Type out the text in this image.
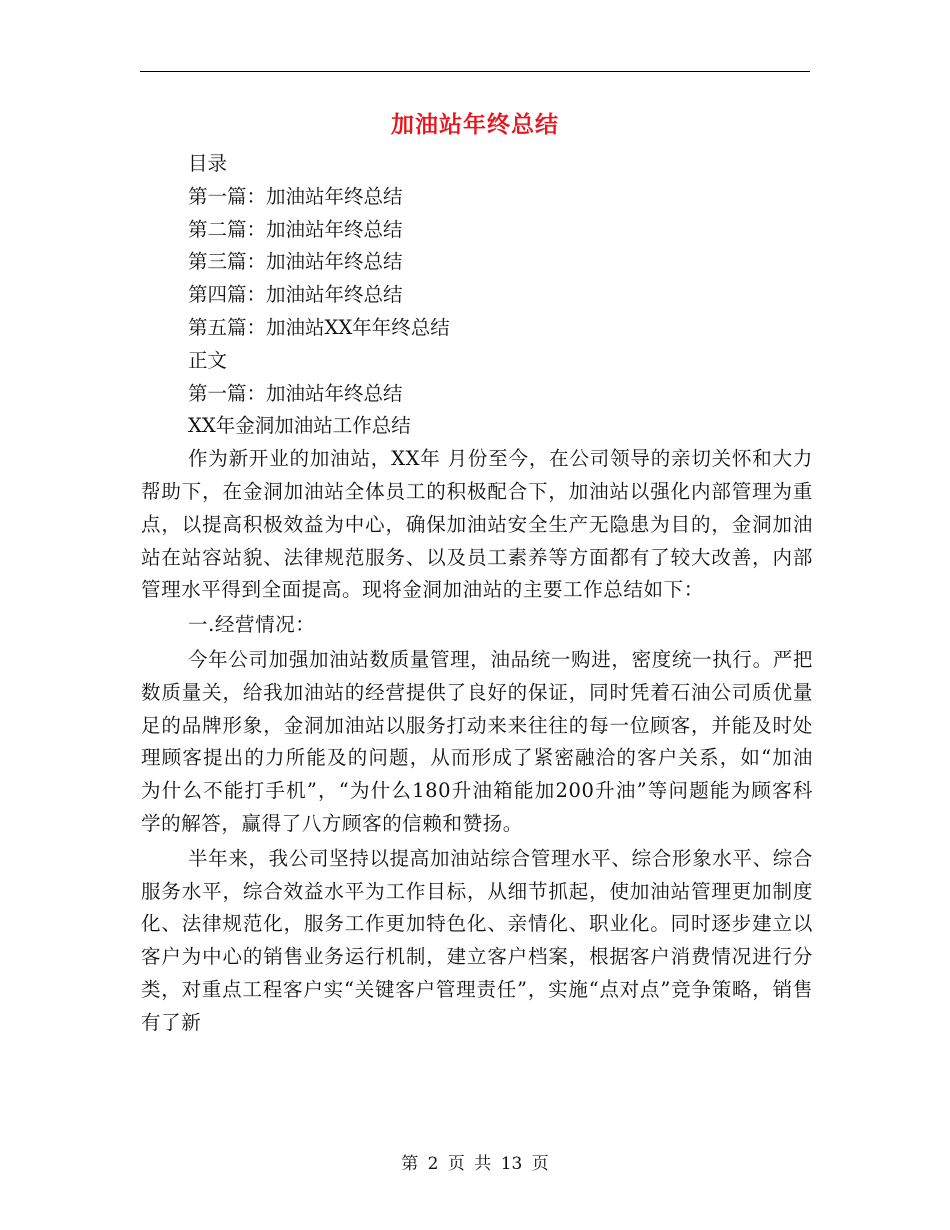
加油站年终总结
目录
第一篇：加油站年终总结
第二篇：加油站年终总结
第三篇：加油站年终总结
第四篇：加油站年终总结
第五篇：加油站XX年年终总结
正文
第一篇：加油站年终总结
XX年金洞加油站工作总结

作为新开业的加油站，XX年 月份至今，在公司领导的亲切关怀和大力帮助下，在金洞加油站全体员工的积极配合下，加油站以强化内部管理为重点，以提高积极效益为中心，确保加油站安全生产无隐患为目的，金洞加油站在站容站貌、法律规范服务、以及员工素养等方面都有了较大改善，内部管理水平得到全面提高。现将金洞加油站的主要工作总结如下：

一.经营情况：

今年公司加强加油站数质量管理，油品统一购进，密度统一执行。严把数质量关，给我加油站的经营提供了良好的保证，同时凭着石油公司质优量足的品牌形象，金洞加油站以服务打动来来往往的每一位顾客，并能及时处理顾客提出的力所能及的问题，从而形成了紧密融洽的客户关系，如“加油为什么不能打手机”，“为什么180升油箱能加200升油”等问题能为顾客科学的解答，赢得了八方顾客的信赖和赞扬。

半年来，我公司坚持以提高加油站综合管理水平、综合形象水平、综合服务水平，综合效益水平为工作目标，从细节抓起，使加油站管理更加制度化、法律规范化，服务工作更加特色化、亲情化、职业化。同时逐步建立以客户为中心的销售业务运行机制，建立客户档案，根据客户消费情况进行分类，对重点工程客户实“关键客户管理责任”，实施“点对点”竞争策略，销售有了新

第 2 页 共 13 页
